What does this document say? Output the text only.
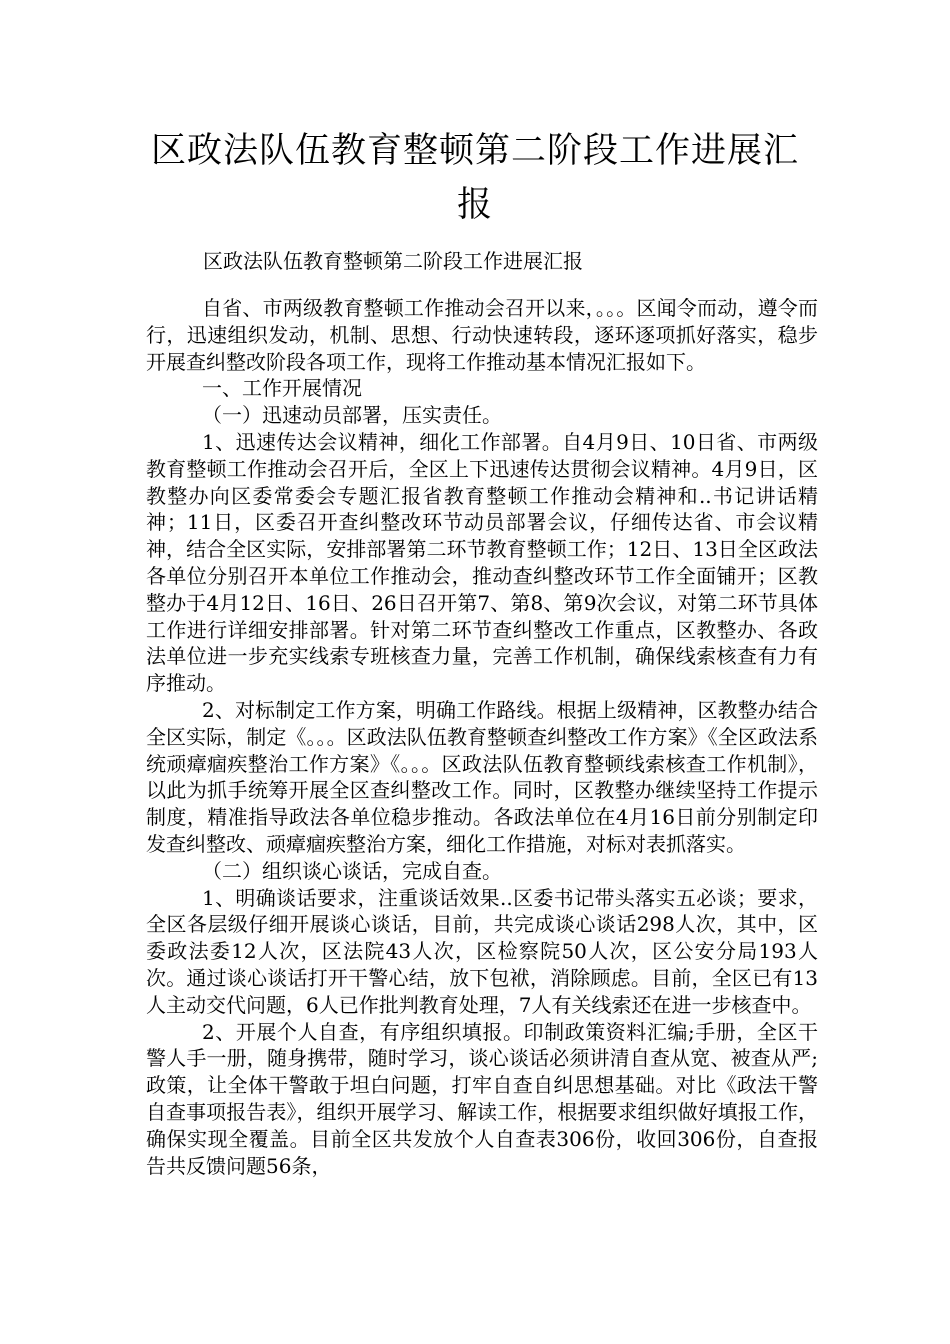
区政法队伍教育整顿第二阶段工作进展汇报
区政法队伍教育整顿第二阶段工作进展汇报

自省、市两级教育整顿工作推动会召开以来，。。。区闻令而动，遵令而行，迅速组织发动，机制、思想、行动快速转段，逐环逐项抓好落实，稳步开展查纠整改阶段各项工作，现将工作推动基本情况汇报如下。

一、工作开展情况

（一）迅速动员部署，压实责任。

1、迅速传达会议精神，细化工作部署。自4月9日、10日省、市两级教育整顿工作推动会召开后，全区上下迅速传达贯彻会议精神。4月9日，区教整办向区委常委会专题汇报省教育整顿工作推动会精神和..书记讲话精神；11日，区委召开查纠整改环节动员部署会议，仔细传达省、市会议精神，结合全区实际，安排部署第二环节教育整顿工作；12日、13日全区政法各单位分别召开本单位工作推动会，推动查纠整改环节工作全面铺开；区教整办于4月12日、16日、26日召开第7、第8、第9次会议，对第二环节具体工作进行详细安排部署。针对第二环节查纠整改工作重点，区教整办、各政法单位进一步充实线索专班核查力量，完善工作机制，确保线索核查有力有序推动。

2、对标制定工作方案，明确工作路线。根据上级精神，区教整办结合全区实际，制定《。。。区政法队伍教育整顿查纠整改工作方案》《全区政法系统顽瘴痼疾整治工作方案》《。。。区政法队伍教育整顿线索核查工作机制》，以此为抓手统筹开展全区查纠整改工作。同时，区教整办继续坚持工作提示制度，精准指导政法各单位稳步推动。各政法单位在4月16日前分别制定印发查纠整改、顽瘴痼疾整治方案，细化工作措施，对标对表抓落实。

（二）组织谈心谈话，完成自查。

1、明确谈话要求，注重谈话效果..区委书记带头落实五必谈；要求，全区各层级仔细开展谈心谈话，目前，共完成谈心谈话298人次，其中，区委政法委12人次，区法院43人次，区检察院50人次，区公安分局193人次。通过谈心谈话打开干警心结，放下包袱，消除顾虑。目前，全区已有13人主动交代问题，6人已作批判教育处理，7人有关线索还在进一步核查中。

2、开展个人自查，有序组织填报。印制政策资料汇编;手册，全区干警人手一册，随身携带，随时学习，谈心谈话必须讲清自查从宽、被查从严;政策，让全体干警敢于坦白问题，打牢自查自纠思想基础。对比《政法干警自查事项报告表》，组织开展学习、解读工作，根据要求组织做好填报工作，确保实现全覆盖。目前全区共发放个人自查表306份，收回306份，自查报告共反馈问题56条，
